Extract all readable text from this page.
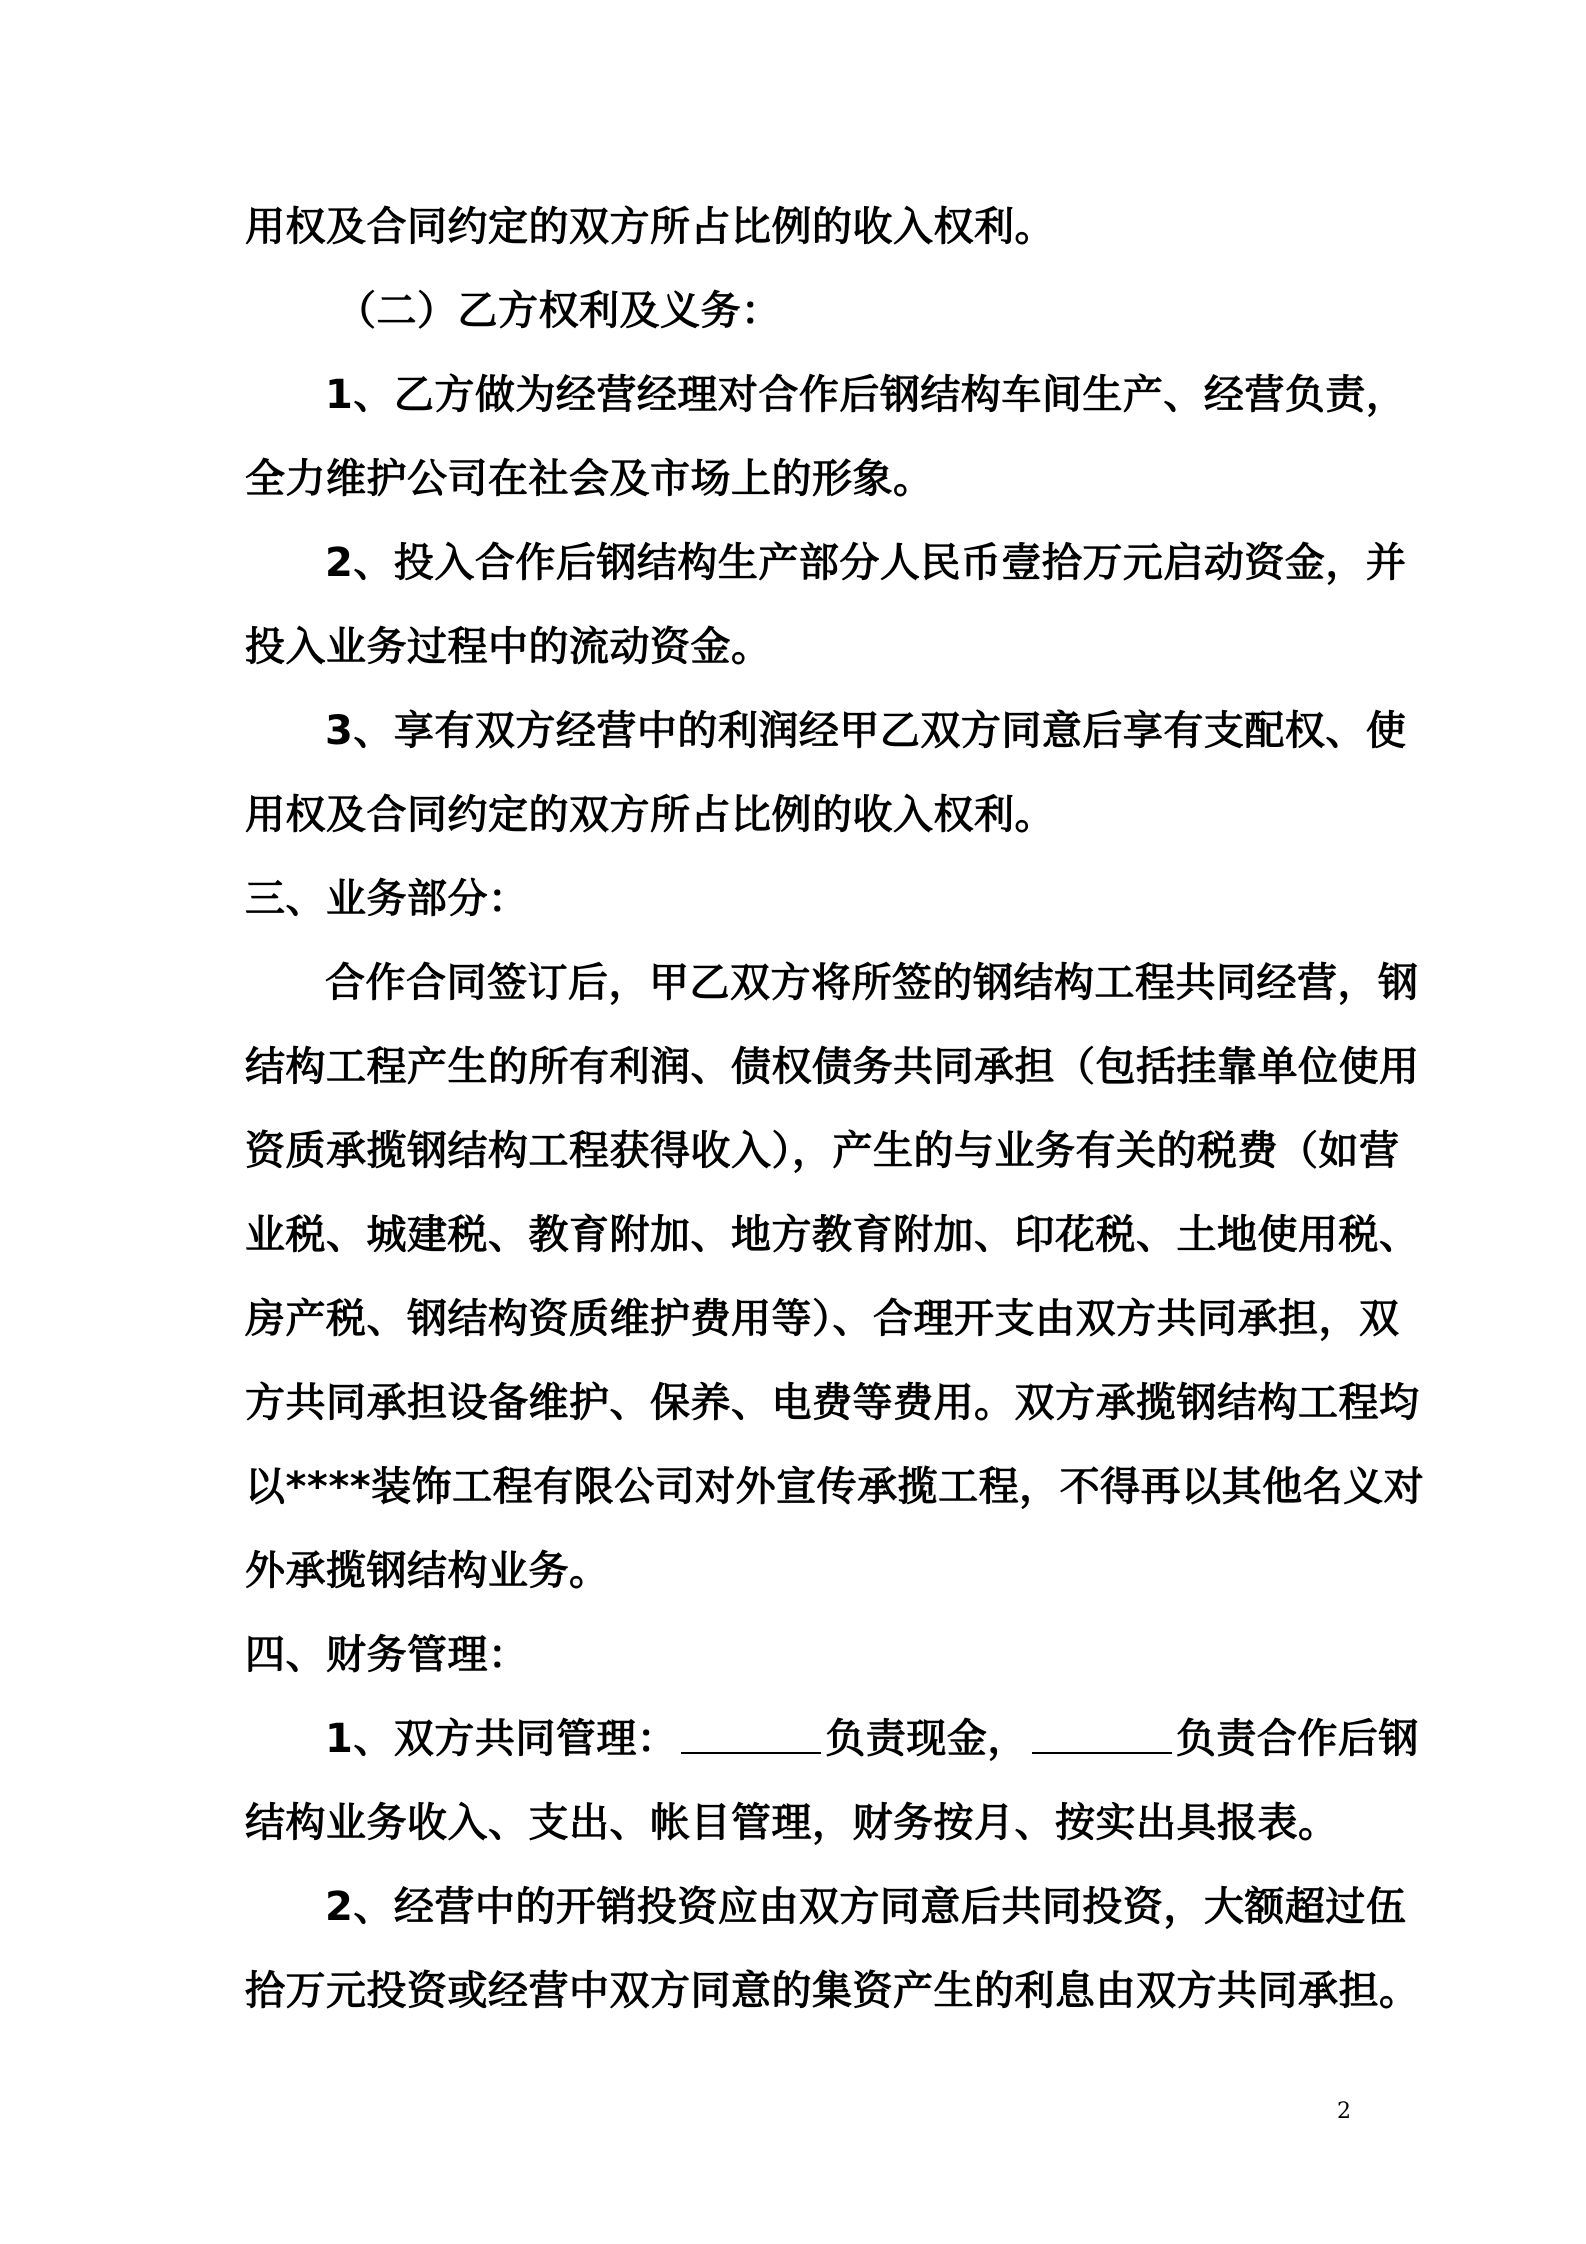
用权及合同约定的双方所占比例的收入权利。
（二）乙方权利及义务：
1、乙方做为经营经理对合作后钢结构车间生产、经营负责，
全力维护公司在社会及市场上的形象。
2、投入合作后钢结构生产部分人民币壹拾万元启动资金，并
投入业务过程中的流动资金。
3、享有双方经营中的利润经甲乙双方同意后享有支配权、使
用权及合同约定的双方所占比例的收入权利。
三、业务部分：
合作合同签订后，甲乙双方将所签的钢结构工程共同经营，钢
结构工程产生的所有利润、债权债务共同承担（包括挂靠单位使用
资质承揽钢结构工程获得收入），产生的与业务有关的税费（如营
业税、城建税、教育附加、地方教育附加、印花税、土地使用税、
房产税、钢结构资质维护费用等）、合理开支由双方共同承担，双
方共同承担设备维护、保养、电费等费用。双方承揽钢结构工程均
以****装饰工程有限公司对外宣传承揽工程，不得再以其他名义对
外承揽钢结构业务。
四、财务管理：
1、双方共同管理：	负责现金，	负责合作后钢
结构业务收入、支出、帐目管理，财务按月、按实出具报表。
2、经营中的开销投资应由双方同意后共同投资，大额超过伍
拾万元投资或经营中双方同意的集资产生的利息由双方共同承担。
2
